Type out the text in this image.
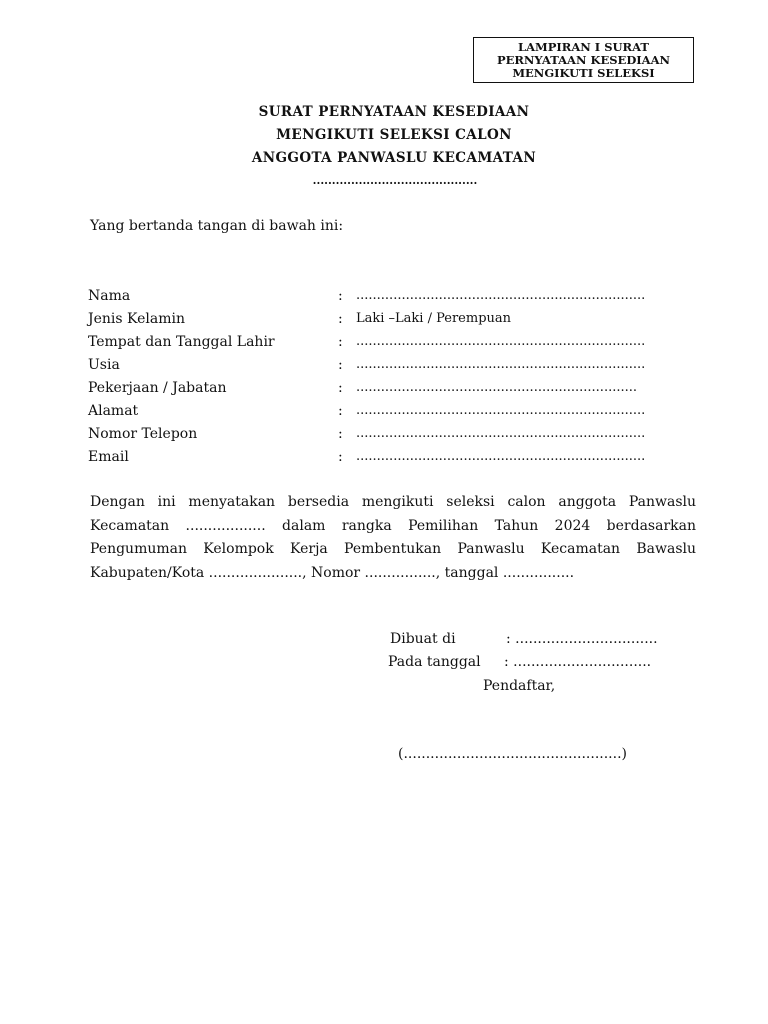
LAMPIRAN I SURAT
PERNYATAAN KESEDIAAN
MENGIKUTI SELEKSI
SURAT PERNYATAAN KESEDIAAN
MENGIKUTI SELEKSI CALON
ANGGOTA PANWASLU KECAMATAN
...........................................
Yang bertanda tangan di bawah ini:
Nama	: ......................................................................
Jenis Kelamin	: Laki –Laki / Perempuan
Tempat dan Tanggal Lahir	: ......................................................................
Usia	: ......................................................................
Pekerjaan / Jabatan	: ....................................................................
Alamat	: ......................................................................
Nomor Telepon	: ......................................................................
Email	: ......................................................................
Dengan ini menyatakan bersedia mengikuti seleksi calon anggota Panwaslu
Kecamatan .................. dalam rangka Pemilihan Tahun 2024 berdasarkan
Pengumuman Kelompok Kerja Pembentukan Panwaslu Kecamatan Bawaslu
Kabupaten/Kota ....................., Nomor ................, tanggal ................
Dibuat di	: ................................
Pada tanggal : ...............................
Pendaftar,
(.................................................)
